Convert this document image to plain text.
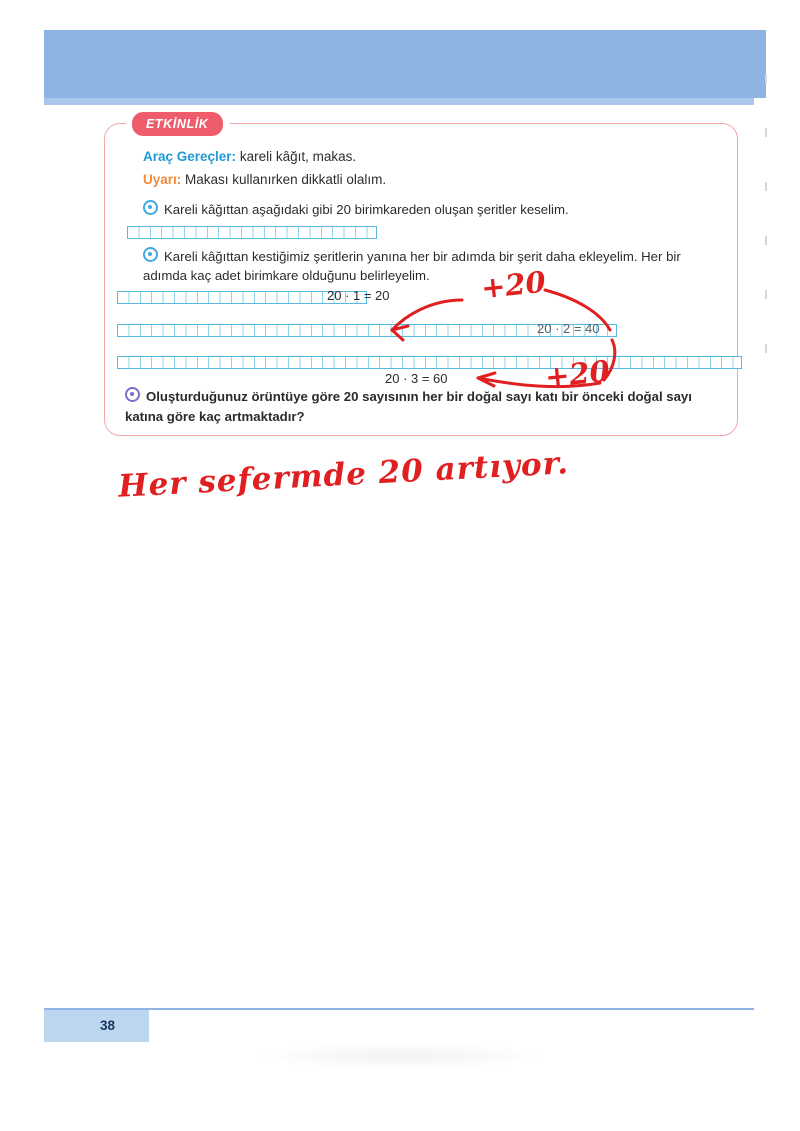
Araç Gereçler: kareli kâğıt, makas.
Uyarı: Makası kullanırken dikkatli olalım.
Kareli kâğıttan aşağıdaki gibi 20 birimkareden oluşan şeritler keselim.
Kareli kâğıttan kestiğimiz şeritlerin yanına her bir adımda bir şerit daha ekleyelim. Her bir adımda kaç adet birimkare olduğunu belirleyelim.
Oluşturduğunuz örüntüye göre 20 sayısının her bir doğal sayı katı bir önceki doğal sayı katına göre kaç artmaktadır?
20 · 1 = 20
20 · 2 = 40
20 · 3 = 60
ETKİNLİK
+20
+20
Her sefermde 20 artıyor.
38
